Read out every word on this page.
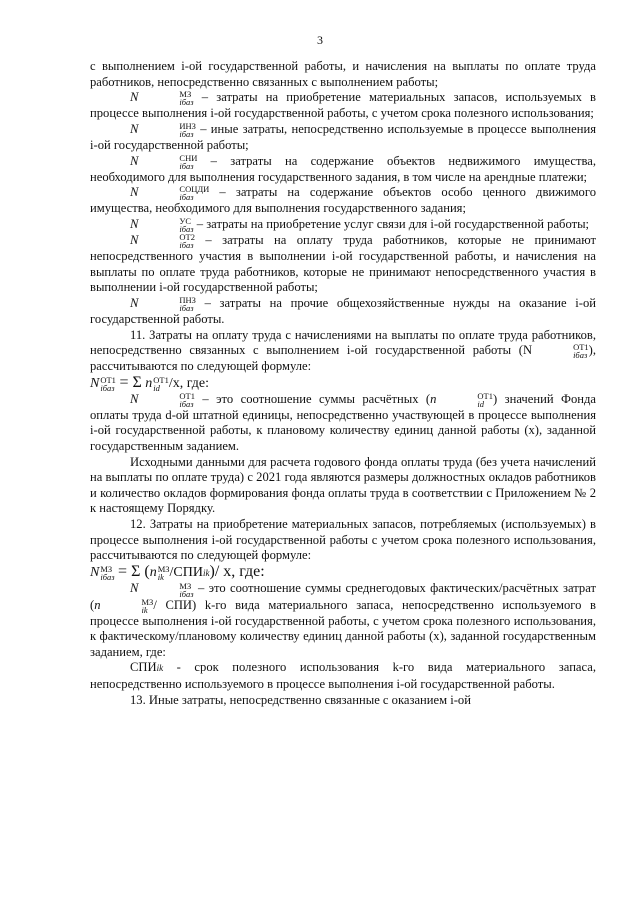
3

с выполнением i-ой государственной работы, и начисления на выплаты по оплате труда работников, непосредственно связанных с выполнением работы;

N	МЗ
iбаз – затраты на приобретение материальных запасов, используемых в процессе выполнения i-ой государственной работы, с учетом срока полезного использования;

N	ИНЗ
iбаз – иные затраты, непосредственно используемые в процессе выполнения i-ой государственной работы;

N	СНИ
iбаз – затраты на содержание объектов недвижимого имущества, необходимого для выполнения государственного задания, в том числе на арендные платежи;

N	СОЦДИ
iбаз	– затраты на содержание объектов особо ценного движимого имущества, необходимого для выполнения государственного задания;

N	УС
iбаз – затраты на приобретение услуг связи для i-ой государственной работы;

N	ОТ2
iбаз – затраты на оплату труда работников, которые не принимают непосредственного участия в выполнении i-ой государственной работы, и начисления на выплаты по оплате труда работников, которые не принимают непосредственного участия в выполнении i-ой государственной работы;

N	ПНЗ
iбаз – затраты на прочие общехозяйственные нужды на оказание i-ой государственной работы.

11. Затраты на оплату труда с начислениями на выплаты по оплате труда работников, непосредственно связанных с выполнением i-ой государственной работы (N	ОТ1
iбаз ), рассчитываются по следующей формуле:

N ОТ1
iбаз = Σ n ОТ1
id /x, где:

N	ОТ1
iбаз – это соотношение суммы расчётных (n	ОТ1
id ) значений Фонда оплаты труда d-ой штатной единицы, непосредственно участвующей в процессе выполнения i-ой государственной работы, к плановому количеству единиц данной работы (x), заданной государственным заданием.

Исходными данными для расчета годового фонда оплаты труда (без учета начислений на выплаты по оплате труда) с 2021 года являются размеры должностных окладов работников и количество окладов формирования фонда оплаты труда в соответствии с Приложением № 2 к настоящему Порядку.

12. Затраты на приобретение материальных запасов, потребляемых (используемых) в процессе выполнения i-ой государственной работы с учетом срока полезного использования, рассчитываются по следующей формуле:

N МЗ
iбаз = Σ (n МЗ
ik /СПИik)/ x, где:

N	МЗ
iбаз – это соотношение суммы среднегодовых фактических/расчётных затрат (n	МЗ
ik / СПИ) k-го вида материального запаса, непосредственно используемого в процессе выполнения i-ой государственной работы, с учетом срока полезного использования, к фактическому/плановому количеству единиц данной работы (x), заданной государственным заданием, где:

СПИik - срок полезного использования k-го вида материального запаса, непосредственно используемого в процессе выполнения i-ой государственной работы.

13. Иные затраты, непосредственно связанные с оказанием i-ой
